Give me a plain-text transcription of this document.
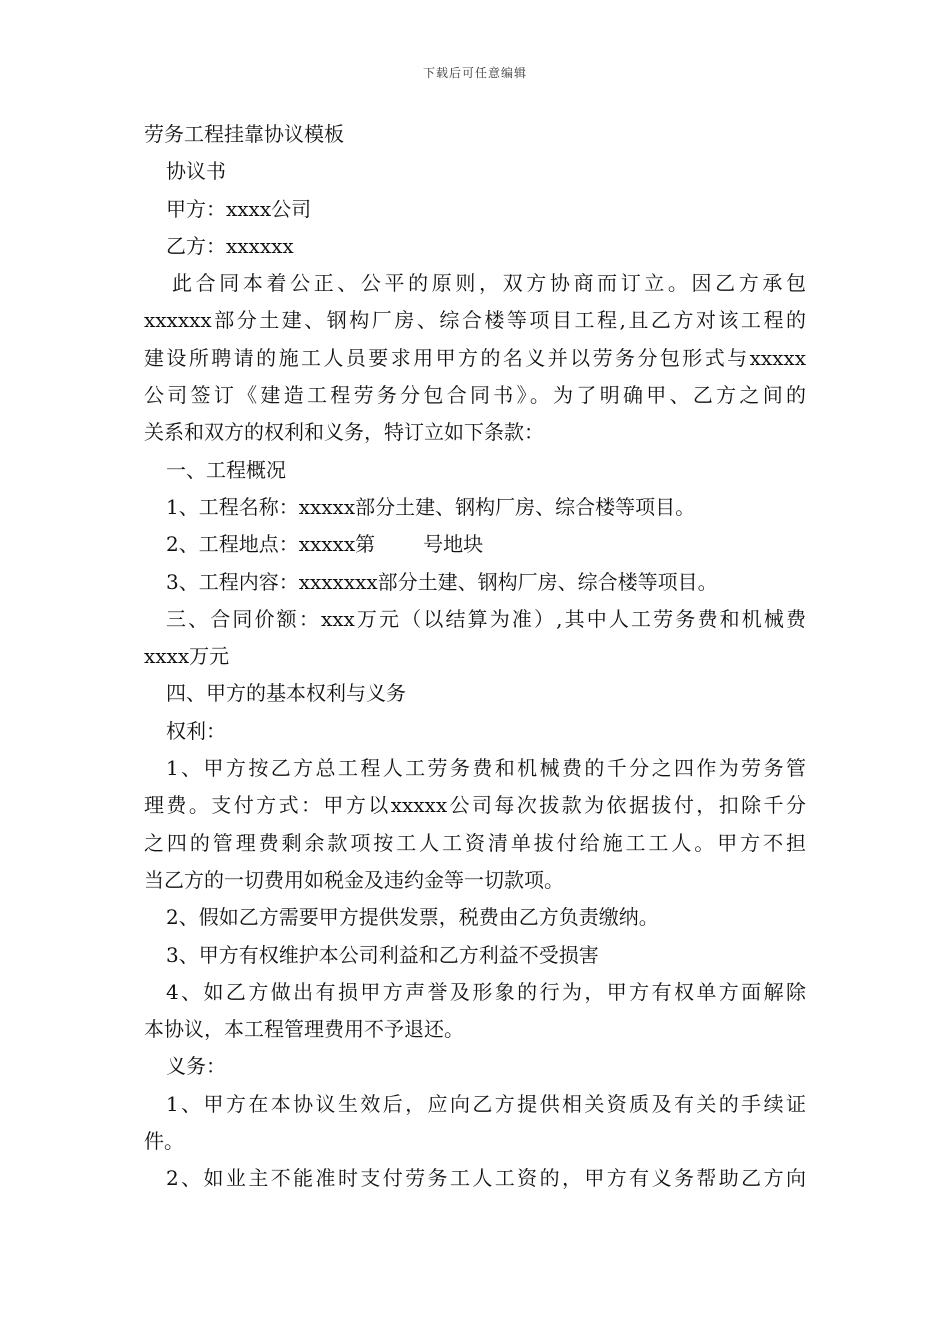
下载后可任意编辑
劳务工程挂靠协议模板
协议书
甲方：xxxx公司
乙方：xxxxxx
此合同本着公正、公平的原则，双方协商而订立。因乙方承包
xxxxxx部分土建、钢构厂房、综合楼等项目工程,且乙方对该工程的
建设所聘请的施工人员要求用甲方的名义并以劳务分包形式与xxxxx
公司签订《建造工程劳务分包合同书》。为了明确甲、乙方之间的
关系和双方的权利和义务，特订立如下条款：
一、工程概况
1、工程名称：xxxxx部分土建、钢构厂房、综合楼等项目。
2、工程地点：xxxxx第 号地块
3、工程内容：xxxxxxx部分土建、钢构厂房、综合楼等项目。
三、合同价额：xxx万元（以结算为准）,其中人工劳务费和机械费
xxxx万元
四、甲方的基本权利与义务
权利：
1、甲方按乙方总工程人工劳务费和机械费的千分之四作为劳务管
理费。支付方式：甲方以xxxxx公司每次拔款为依据拔付，扣除千分
之四的管理费剩余款项按工人工资清单拔付给施工工人。甲方不担
当乙方的一切费用如税金及违约金等一切款项。
2、假如乙方需要甲方提供发票，税费由乙方负责缴纳。
3、甲方有权维护本公司利益和乙方利益不受损害
4、如乙方做出有损甲方声誉及形象的行为，甲方有权单方面解除
本协议，本工程管理费用不予退还。
义务：
1、甲方在本协议生效后，应向乙方提供相关资质及有关的手续证
件。
2、如业主不能准时支付劳务工人工资的，甲方有义务帮助乙方向
